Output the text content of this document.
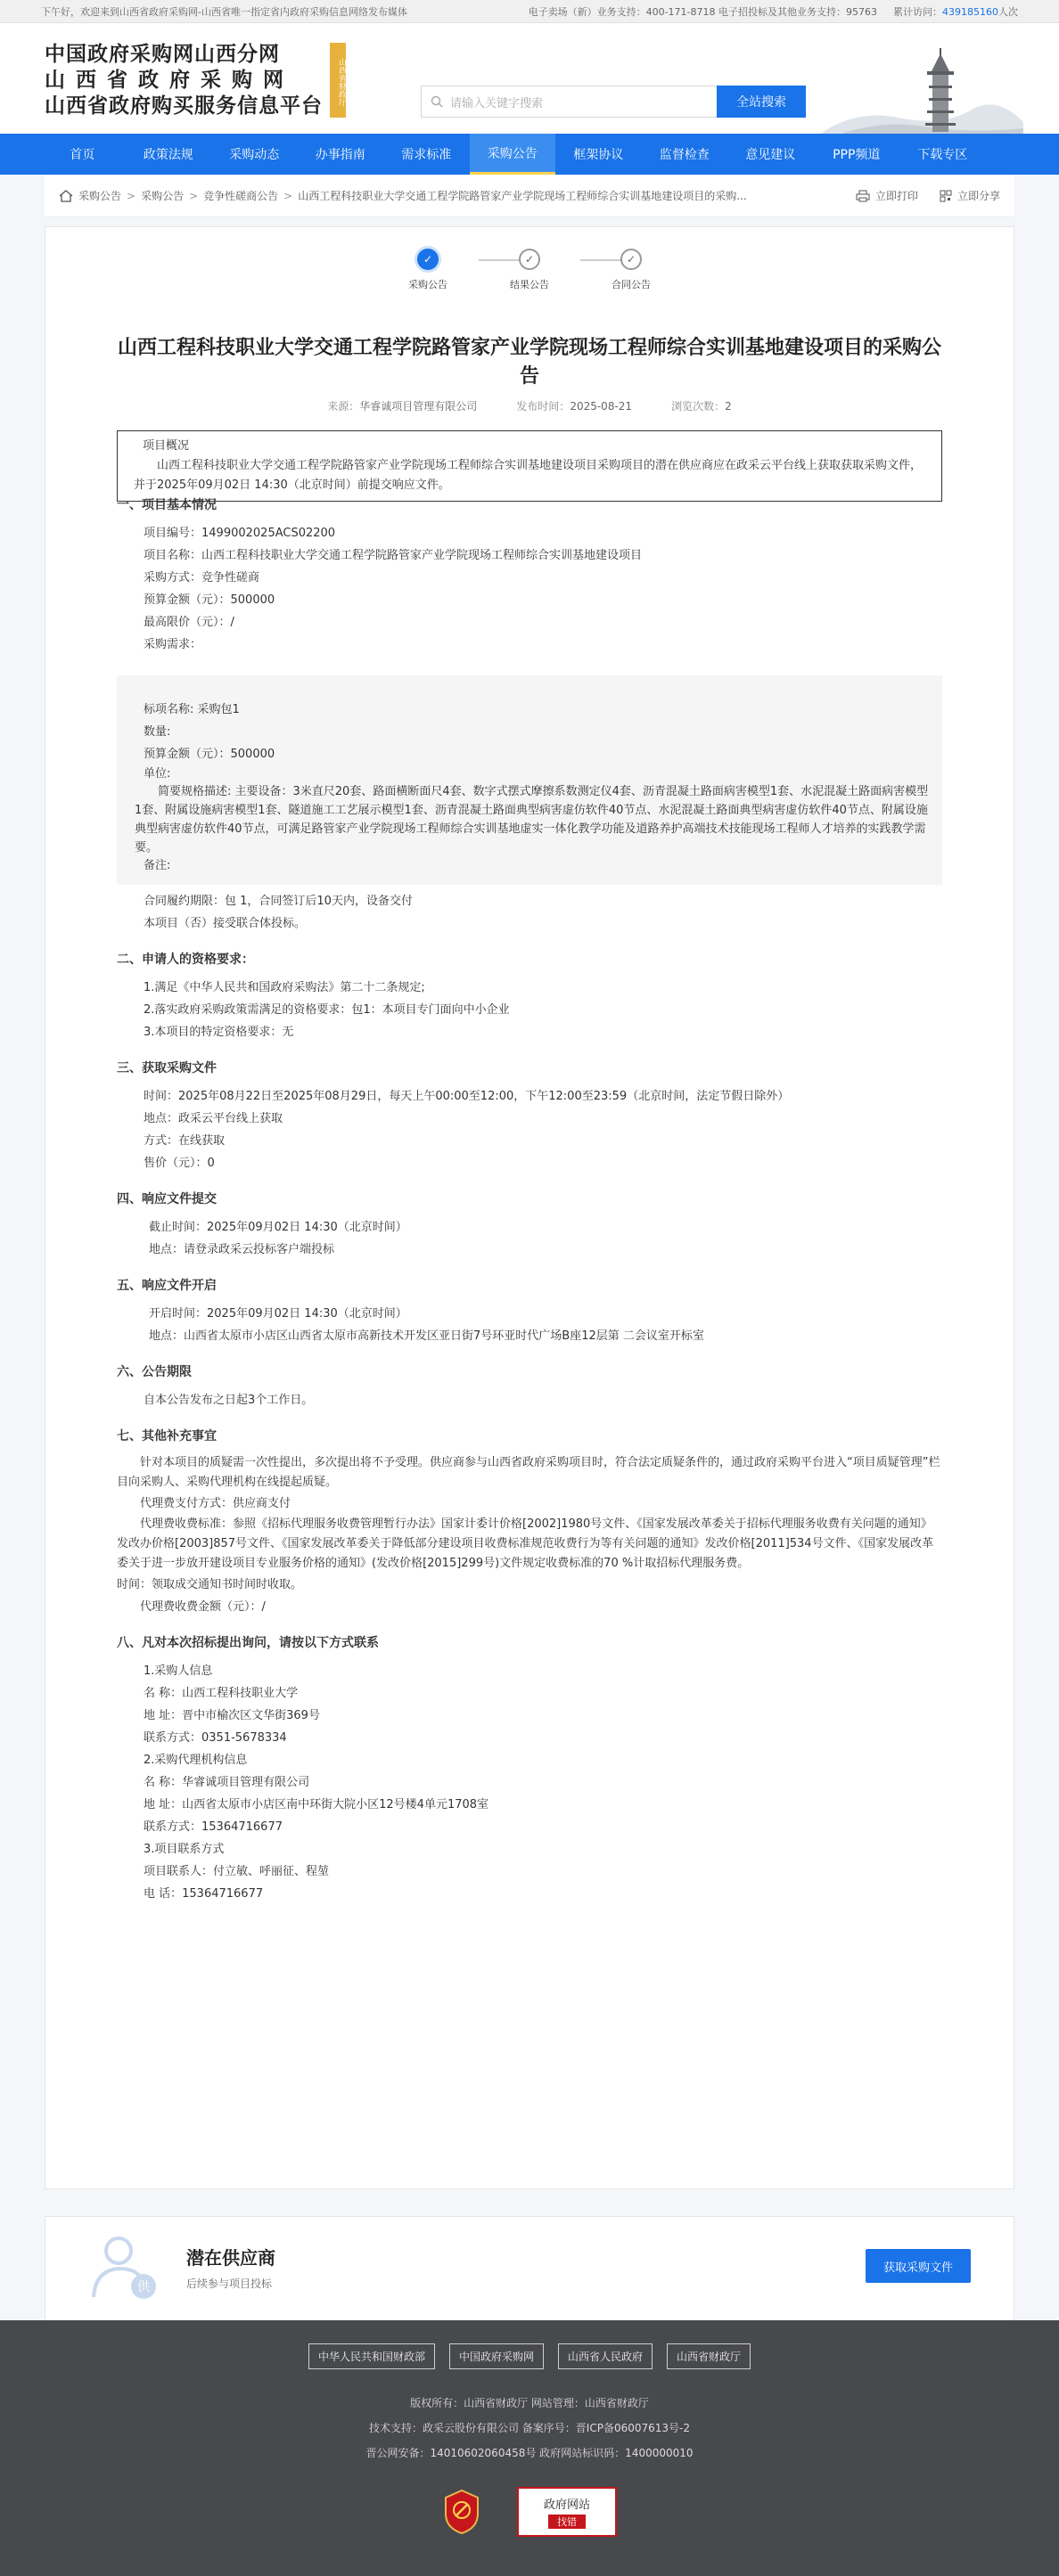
下午好，欢迎来到山西省政府采购网-山西省唯一指定省内政府采购信息网络发布媒体	电子卖场（新）业务支持：400-171-8718 电子招投标及其他业务支持：95763 累计访问：439185160人次
中国政府采购网山西分网
山西省政府采购网
山西省政府购买服务信息平台	山西省财政厅	请输入关键字搜索	全站搜索
首页	政策法规	采购动态	办事指南	需求标准	采购公告	框架协议	监督检查	意见建议	PPP频道	下载专区
采购公告 > 采购公告 > 竞争性磋商公告 > 山西工程科技职业大学交通工程学院路管家产业学院现场工程师综合实训基地建设项目的采购...	立即打印	立即分享
✓
采购公告
✓
结果公告
✓
合同公告
山西工程科技职业大学交通工程学院路管家产业学院现场工程师综合实训基地建设项目的采购公告
来源：华睿诚项目管理有限公司	发布时间：2025-08-21	浏览次数：2
项目概况
山西工程科技职业大学交通工程学院路管家产业学院现场工程师综合实训基地建设项目采购项目的潜在供应商应在政采云平台线上获取获取采购文件，并于2025年09月02日 14:30（北京时间）前提交响应文件。
一、项目基本情况
项目编号：1499002025ACS02200
项目名称：山西工程科技职业大学交通工程学院路管家产业学院现场工程师综合实训基地建设项目
采购方式：竞争性磋商
预算金额（元）：500000
最高限价（元）：/
采购需求：
标项名称: 采购包1
数量:
预算金额（元）：500000
单位:
简要规格描述: 主要设备：3米直尺20套、路面横断面尺4套、数字式摆式摩擦系数测定仪4套、沥青混凝土路面病害模型1套、水泥混凝土路面病害模型1套、附属设施病害模型1套、隧道施工工艺展示模型1套、沥青混凝土路面典型病害虚仿软件40节点、水泥混凝土路面典型病害虚仿软件40节点、附属设施典型病害虚仿软件40节点，可满足路管家产业学院现场工程师综合实训基地虚实一体化教学功能及道路养护高端技术技能现场工程师人才培养的实践教学需要。
备注:
合同履约期限：包 1，合同签订后10天内，设备交付
本项目（否）接受联合体投标。
二、申请人的资格要求：
1.满足《中华人民共和国政府采购法》第二十二条规定;
2.落实政府采购政策需满足的资格要求：包1：本项目专门面向中小企业
3.本项目的特定资格要求：无
三、获取采购文件
时间：2025年08月22日至2025年08月29日，每天上午00:00至12:00，下午12:00至23:59（北京时间，法定节假日除外）
地点：政采云平台线上获取
方式：在线获取
售价（元）：0
四、响应文件提交
截止时间：2025年09月02日 14:30（北京时间）
地点：请登录政采云投标客户端投标
五、响应文件开启
开启时间：2025年09月02日 14:30（北京时间）
地点：山西省太原市小店区山西省太原市高新技术开发区亚日街7号环亚时代广场B座12层第 二会议室开标室
六、公告期限
自本公告发布之日起3个工作日。
七、其他补充事宜
针对本项目的质疑需一次性提出，多次提出将不予受理。供应商参与山西省政府采购项目时，符合法定质疑条件的，通过政府采购平台进入“项目质疑管理”栏目向采购人、采购代理机构在线提起质疑。
代理费支付方式：供应商支付
代理费收费标准：参照《招标代理服务收费管理暂行办法》国家计委计价格[2002]1980号文件、《国家发展改革委关于招标代理服务收费有关问题的通知》发改办价格[2003]857号文件、《国家发展改革委关于降低部分建设项目收费标准规范收费行为等有关问题的通知》发改价格[2011]534号文件、《国家发展改革委关于进一步放开建设项目专业服务价格的通知》(发改价格[2015]299号)文件规定收费标准的70 %计取招标代理服务费。
时间：领取成交通知书时间时收取。
代理费收费金额（元）：/
八、凡对本次招标提出询问，请按以下方式联系
1.采购人信息
名 称：山西工程科技职业大学
地 址：晋中市榆次区文华街369号
联系方式：0351-5678334
2.采购代理机构信息
名 称：华睿诚项目管理有限公司
地 址：山西省太原市小店区南中环街大院小区12号楼4单元1708室
联系方式：15364716677
3.项目联系方式
项目联系人：付立敏、呼丽征、程堃
电 话：15364716677
供
潜在供应商
后续参与项目投标
获取采购文件
中华人民共和国财政部	中国政府采购网	山西省人民政府	山西省财政厅
版权所有：山西省财政厅 网站管理：山西省财政厅
技术支持：政采云股份有限公司 备案序号：晋ICP备06007613号-2
晋公网安备：14010602060458号 政府网站标识码：1400000010
政府网站
找错
